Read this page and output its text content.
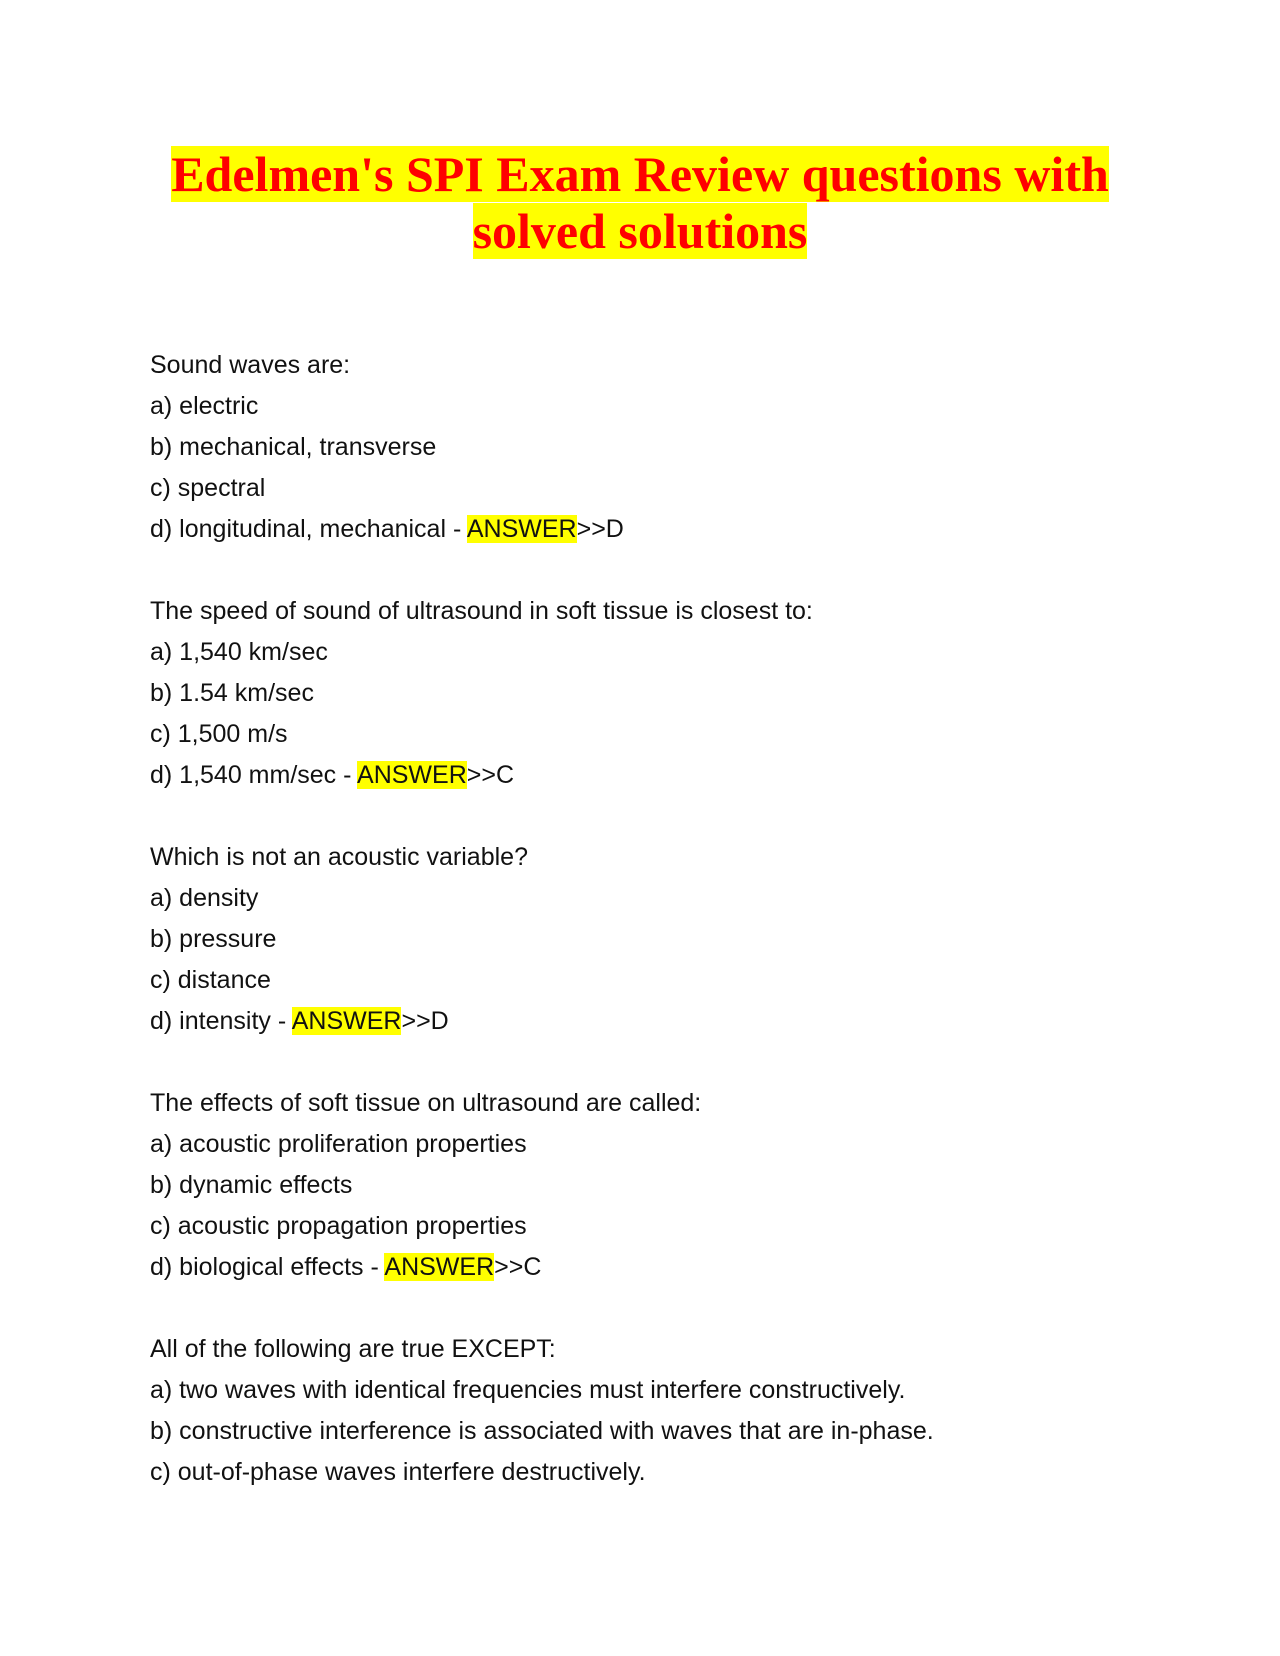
Edelmen's SPI Exam Review questions with
solved solutions
Sound waves are:
a) electric
b) mechanical, transverse
c) spectral
d) longitudinal, mechanical - ANSWER>>D
The speed of sound of ultrasound in soft tissue is closest to:
a) 1,540 km/sec
b) 1.54 km/sec
c) 1,500 m/s
d) 1,540 mm/sec - ANSWER>>C
Which is not an acoustic variable?
a) density
b) pressure
c) distance
d) intensity - ANSWER>>D
The effects of soft tissue on ultrasound are called:
a) acoustic proliferation properties
b) dynamic effects
c) acoustic propagation properties
d) biological effects - ANSWER>>C
All of the following are true EXCEPT:
a) two waves with identical frequencies must interfere constructively.
b) constructive interference is associated with waves that are in-phase.
c) out-of-phase waves interfere destructively.
